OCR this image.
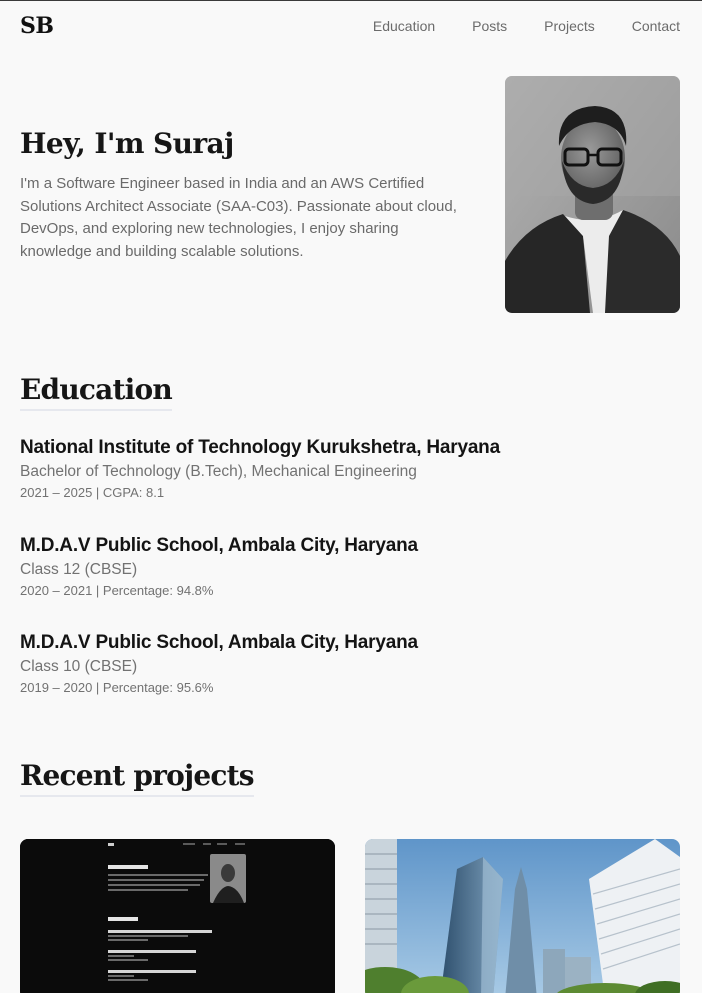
SB	Education	Posts	Projects	Contact
Hey, I'm Suraj

I'm a Software Engineer based in India and an AWS Certified Solutions Architect Associate (SAA-C03). Passionate about cloud, DevOps, and exploring new technologies, I enjoy sharing knowledge and building scalable solutions.

Education
National Institute of Technology Kurukshetra, Haryana
Bachelor of Technology (B.Tech), Mechanical Engineering
2021 – 2025 | CGPA: 8.1
M.D.A.V Public School, Ambala City, Haryana
Class 12 (CBSE)
2020 – 2021 | Percentage: 94.8%
M.D.A.V Public School, Ambala City, Haryana
Class 10 (CBSE)
2019 – 2020 | Percentage: 95.6%
Recent projects
